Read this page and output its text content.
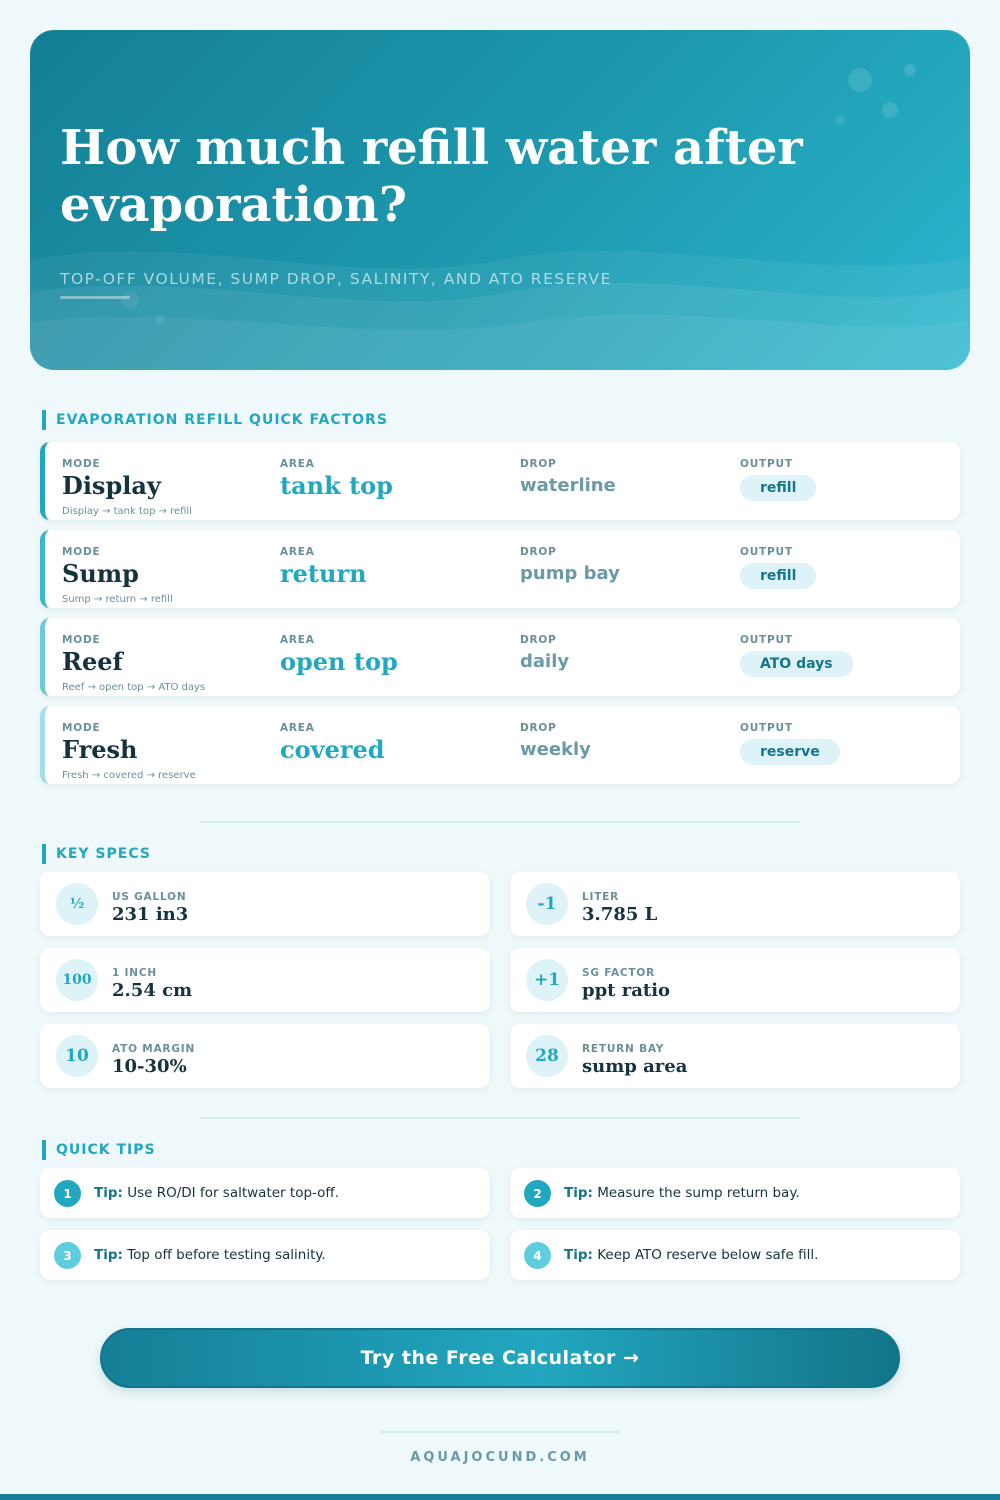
How much refill water after evaporation?
TOP-OFF VOLUME, SUMP DROP, SALINITY, AND ATO RESERVE
EVAPORATION REFILL QUICK FACTORS
MODE
Display
AREA
tank top
DROP
waterline
OUTPUT
refill
Display → tank top → refill
MODE
Sump
AREA
return
DROP
pump bay
OUTPUT
refill
Sump → return → refill
MODE
Reef
AREA
open top
DROP
daily
OUTPUT
ATO days
Reef → open top → ATO days
MODE
Fresh
AREA
covered
DROP
weekly
OUTPUT
reserve
Fresh → covered → reserve
KEY SPECS
½	US GALLON
231 in3	-1	LITER
3.785 L
100	1 INCH
2.54 cm	+1	SG FACTOR
ppt ratio
10	ATO MARGIN
10-30%	28	RETURN BAY
sump area
QUICK TIPS
1	Tip: Use RO/DI for saltwater top-off.	2	Tip: Measure the sump return bay.
3	Tip: Top off before testing salinity.	4	Tip: Keep ATO reserve below safe fill.
Try the Free Calculator →
AQUAJOCUND.COM
